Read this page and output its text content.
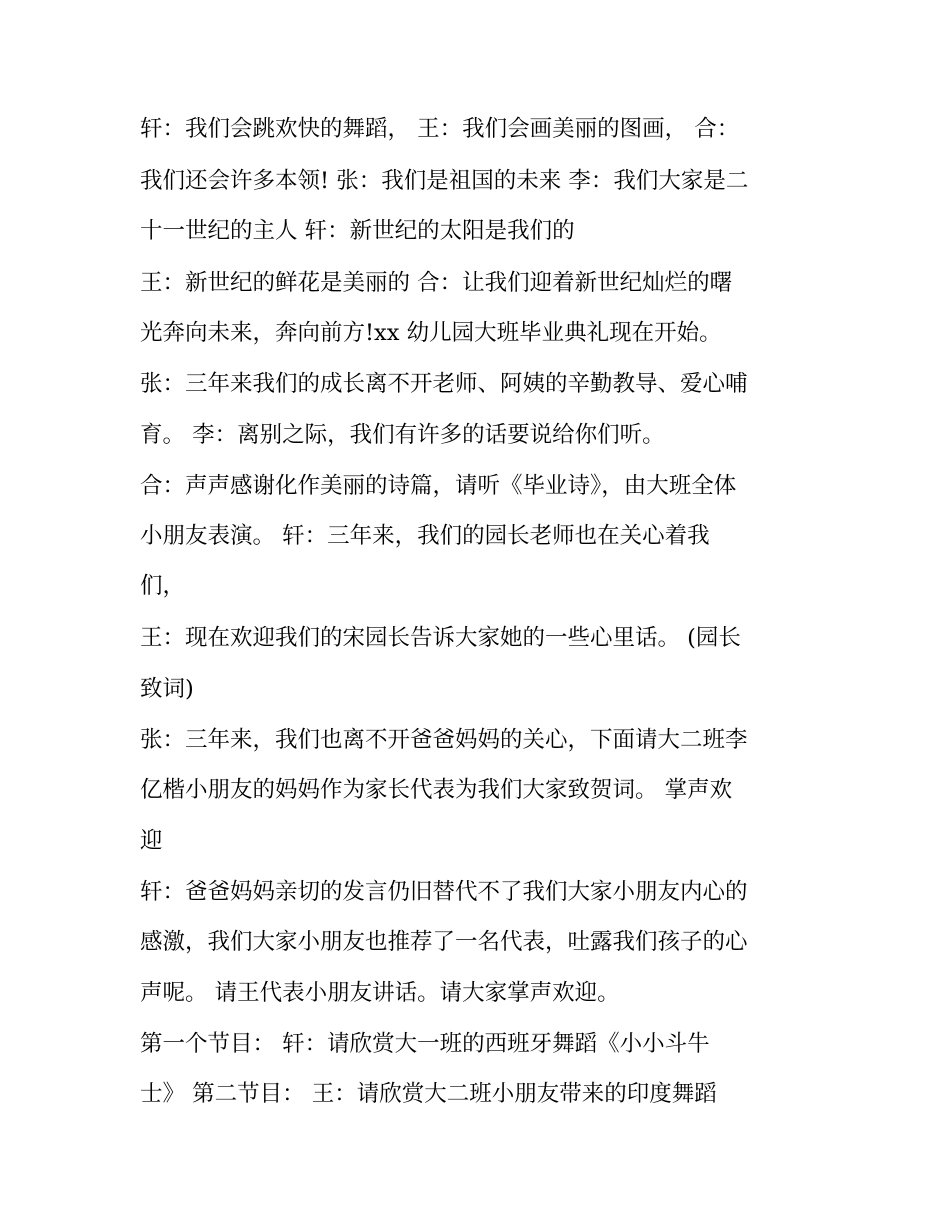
轩：我们会跳欢快的舞蹈， 王：我们会画美丽的图画， 合：

我们还会许多本领! 张：我们是祖国的未来 李：我们大家是二

十一世纪的主人 轩：新世纪的太阳是我们的

王：新世纪的鲜花是美丽的 合：让我们迎着新世纪灿烂的曙

光奔向未来，奔向前方!xx 幼儿园大班毕业典礼现在开始。

张：三年来我们的成长离不开老师、阿姨的辛勤教导、爱心哺

育。 李：离别之际，我们有许多的话要说给你们听。

合：声声感谢化作美丽的诗篇，请听《毕业诗》，由大班全体

小朋友表演。 轩：三年来，我们的园长老师也在关心着我

们，

王：现在欢迎我们的宋园长告诉大家她的一些心里话。 (园长

致词)

张：三年来，我们也离不开爸爸妈妈的关心，下面请大二班李

亿楷小朋友的妈妈作为家长代表为我们大家致贺词。 掌声欢

迎

轩：爸爸妈妈亲切的发言仍旧替代不了我们大家小朋友内心的

感激，我们大家小朋友也推荐了一名代表，吐露我们孩子的心

声呢。 请王代表小朋友讲话。请大家掌声欢迎。

第一个节目： 轩：请欣赏大一班的西班牙舞蹈《小小斗牛

士》 第二节目： 王：请欣赏大二班小朋友带来的印度舞蹈
